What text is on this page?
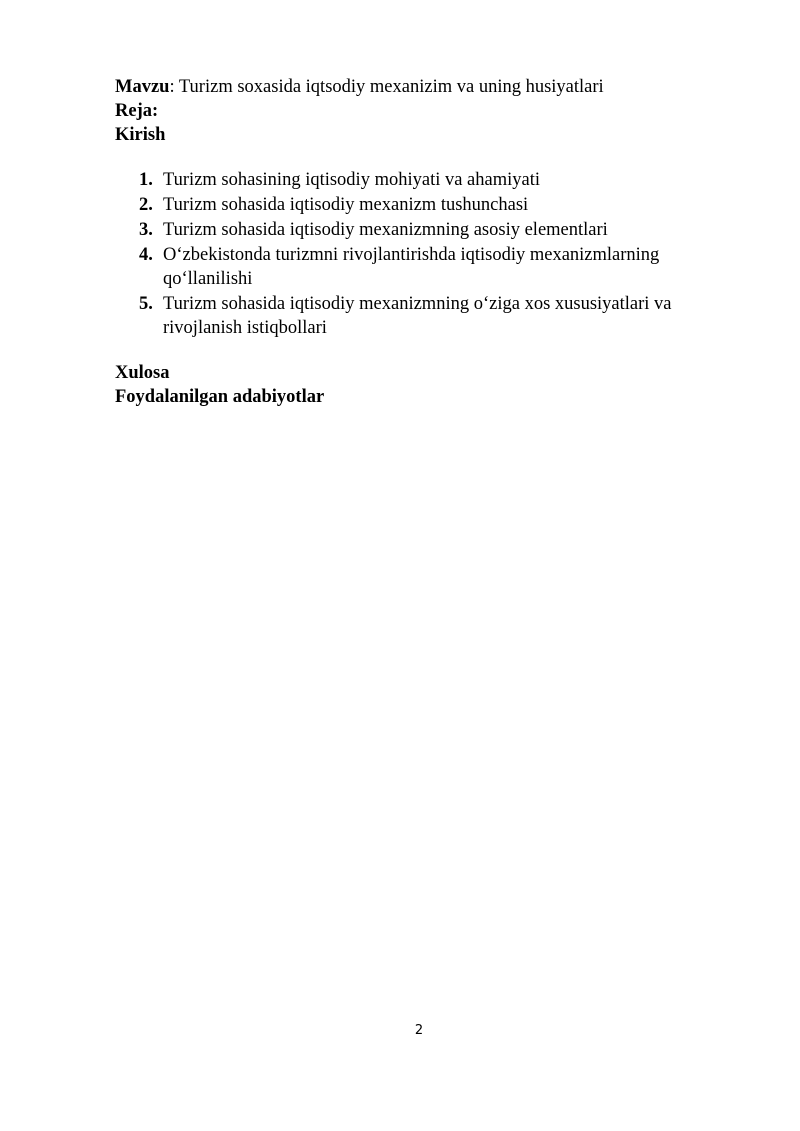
Mavzu: Turizm soxasida iqtsodiy mexanizim va uning husiyatlari

Reja:

Kirish

1. Turizm sohasining iqtisodiy mohiyati va ahamiyati
2. Turizm sohasida iqtisodiy mexanizm tushunchasi
3. Turizm sohasida iqtisodiy mexanizmning asosiy elementlari
4. O‘zbekistonda turizmni rivojlantirishda iqtisodiy mexanizmlarning qo‘llanilishi
5. Turizm sohasida iqtisodiy mexanizmning o‘ziga xos xususiyatlari va rivojlanish istiqbollari

Xulosa

Foydalanilgan adabiyotlar

2
